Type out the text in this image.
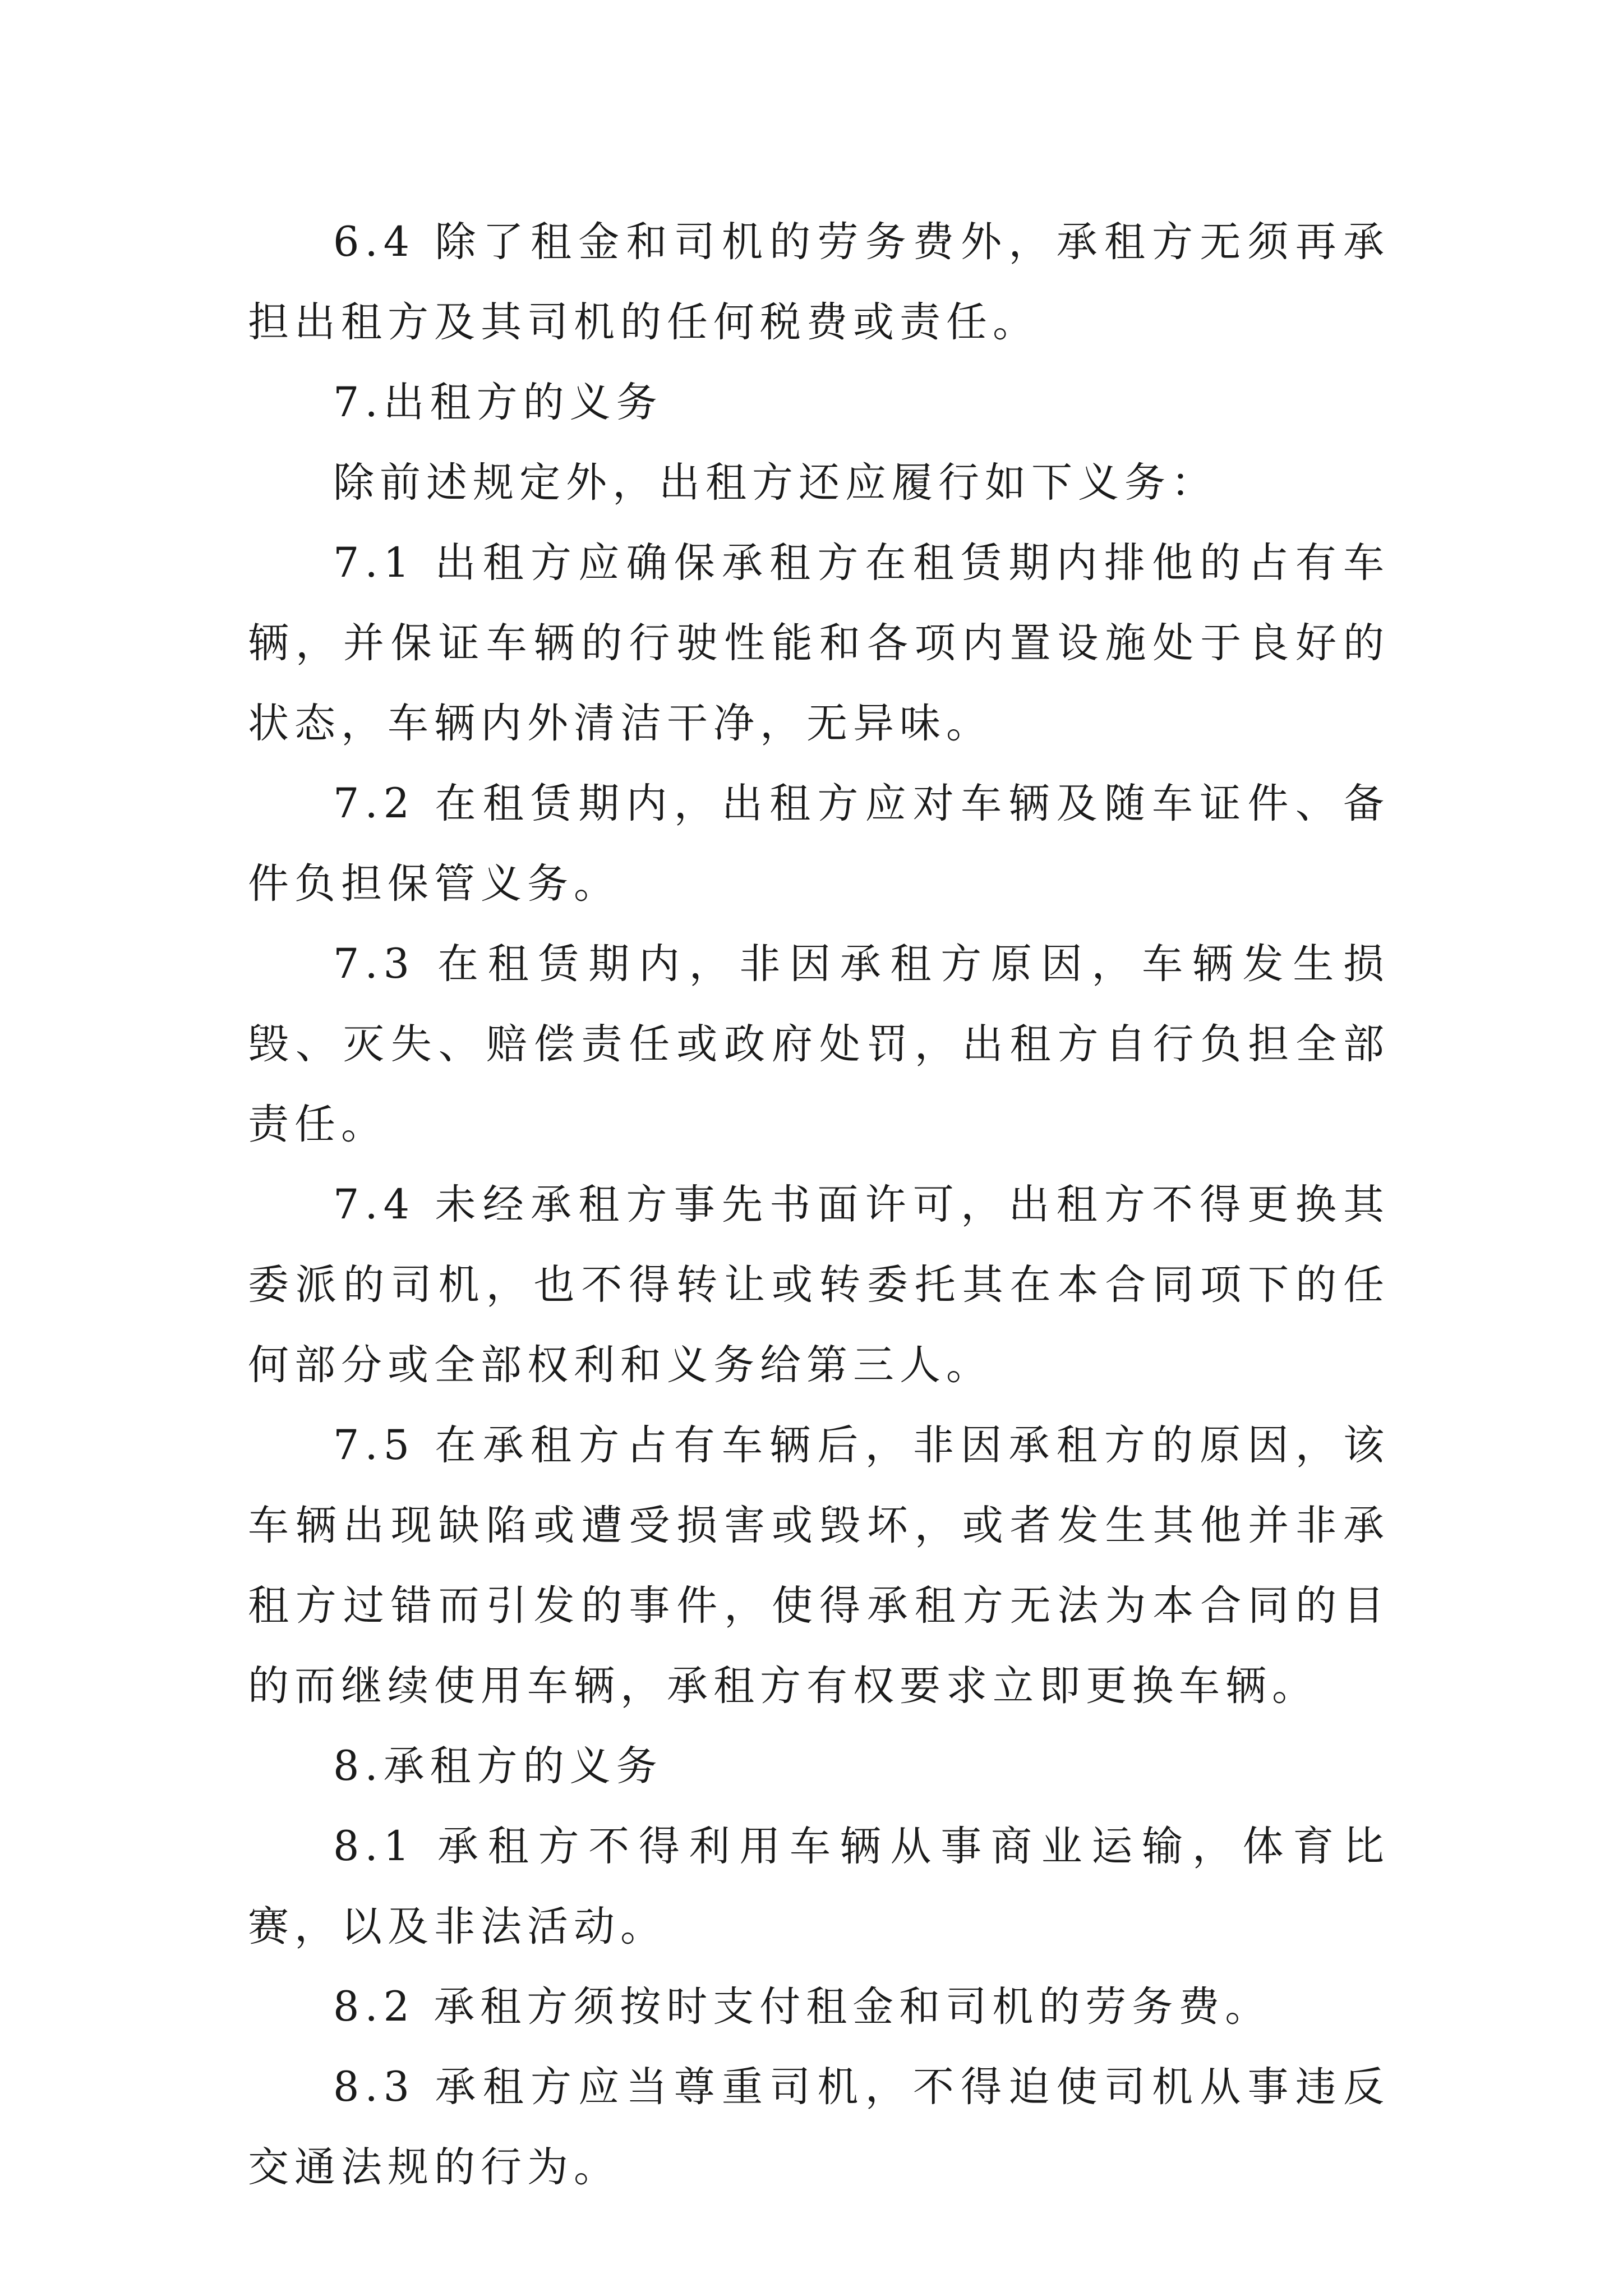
6.4 除了租金和司机的劳务费外，承租方无须再承担出租方及其司机的任何税费或责任。

7.出租方的义务

除前述规定外，出租方还应履行如下义务：

7.1 出租方应确保承租方在租赁期内排他的占有车辆，并保证车辆的行驶性能和各项内置设施处于良好的状态，车辆内外清洁干净，无异味。

7.2 在租赁期内，出租方应对车辆及随车证件、备件负担保管义务。

7.3 在租赁期内，非因承租方原因，车辆发生损毁、灭失、赔偿责任或政府处罚，出租方自行负担全部责任。

7.4 未经承租方事先书面许可，出租方不得更换其委派的司机，也不得转让或转委托其在本合同项下的任何部分或全部权利和义务给第三人。

7.5 在承租方占有车辆后，非因承租方的原因，该车辆出现缺陷或遭受损害或毁坏，或者发生其他并非承租方过错而引发的事件，使得承租方无法为本合同的目的而继续使用车辆，承租方有权要求立即更换车辆。

8.承租方的义务

8.1 承租方不得利用车辆从事商业运输，体育比赛，以及非法活动。

8.2 承租方须按时支付租金和司机的劳务费。

8.3 承租方应当尊重司机，不得迫使司机从事违反交通法规的行为。
